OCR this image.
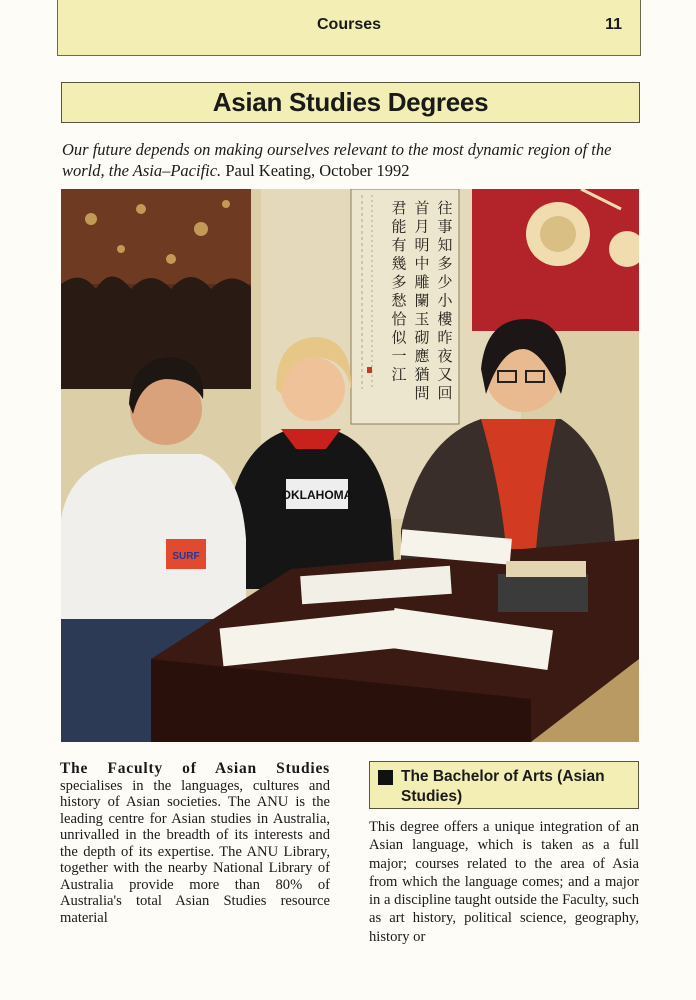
Courses	11
Asian Studies Degrees
Our future depends on making ourselves relevant to the most dynamic region of the world, the Asia–Pacific. Paul Keating, October 1992
往
事
知
多
少
小
樓
昨
夜
又
回
首
月
明
中
雕
闌
玉
砌
應
猶
問
君
能
有
幾
多
愁
恰
似
一
江
OKLAHOMA
SURF
The Faculty of Asian Studies specialises in the languages, cultures and history of Asian societies. The ANU is the leading centre for Asian studies in Australia, unrivalled in the breadth of its interests and the depth of its expertise. The ANU Library, together with the nearby National Library of Australia provide more than 80% of Australia's total Asian Studies resource material
The Bachelor of Arts (Asian Studies)
This degree offers a unique integration of an Asian language, which is taken as a full major; courses related to the area of Asia from which the language comes; and a major in a discipline taught outside the Faculty, such as art history, political science, geography, history or
